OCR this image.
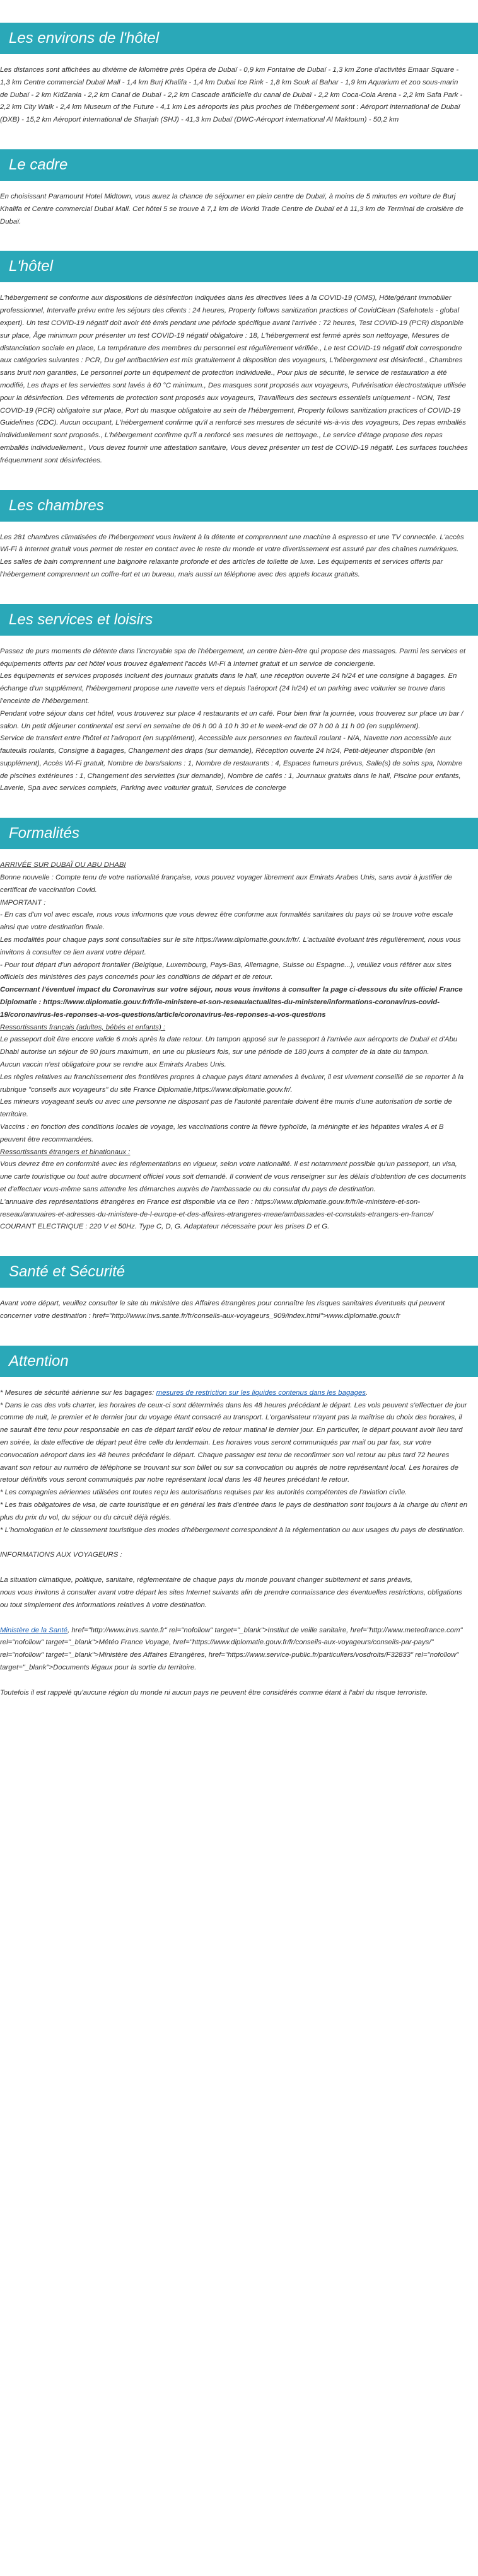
Les environs de l'hôtel

Les distances sont affichées au dixième de kilomètre près Opéra de Dubaï - 0,9 km Fontaine de Dubaï - 1,3 km Zone d'activités Emaar Square - 1,3 km Centre commercial Dubaï Mall - 1,4 km Burj Khalifa - 1,4 km Dubai Ice Rink - 1,8 km Souk al Bahar - 1,9 km Aquarium et zoo sous-marin de Dubaï - 2 km KidZania - 2,2 km Canal de Dubaï - 2,2 km Cascade artificielle du canal de Dubaï - 2,2 km Coca-Cola Arena - 2,2 km Safa Park - 2,2 km City Walk - 2,4 km Museum of the Future - 4,1 km Les aéroports les plus proches de l'hébergement sont : Aéroport international de Dubaï (DXB) - 15,2 km Aéroport international de Sharjah (SHJ) - 41,3 km Dubaï (DWC-Aéroport international Al Maktoum) - 50,2 km

Le cadre

En choisissant Paramount Hotel Midtown, vous aurez la chance de séjourner en plein centre de Dubaï, à moins de 5 minutes en voiture de Burj Khalifa et Centre commercial Dubaï Mall. Cet hôtel 5 se trouve à 7,1 km de World Trade Centre de Dubaï et à 11,3 km de Terminal de croisière de Dubaï.

L'hôtel

L'hébergement se conforme aux dispositions de désinfection indiquées dans les directives liées à la COVID-19 (OMS), Hôte/gérant immobilier professionnel, Intervalle prévu entre les séjours des clients : 24 heures, Property follows sanitization practices of CovidClean (Safehotels - global expert). Un test COVID-19 négatif doit avoir été émis pendant une période spécifique avant l'arrivée : 72 heures, Test COVID-19 (PCR) disponible sur place, Âge minimum pour présenter un test COVID-19 négatif obligatoire : 18, L'hébergement est fermé après son nettoyage, Mesures de distanciation sociale en place, La température des membres du personnel est régulièrement vérifiée., Le test COVID-19 négatif doit correspondre aux catégories suivantes : PCR, Du gel antibactérien est mis gratuitement à disposition des voyageurs, L'hébergement est désinfecté., Chambres sans bruit non garanties, Le personnel porte un équipement de protection individuelle., Pour plus de sécurité, le service de restauration a été modifié, Les draps et les serviettes sont lavés à 60 °C minimum., Des masques sont proposés aux voyageurs, Pulvérisation électrostatique utilisée pour la désinfection. Des vêtements de protection sont proposés aux voyageurs, Travailleurs des secteurs essentiels uniquement - NON, Test COVID-19 (PCR) obligatoire sur place, Port du masque obligatoire au sein de l'hébergement, Property follows sanitization practices of COVID-19 Guidelines (CDC). Aucun occupant, L'hébergement confirme qu'il a renforcé ses mesures de sécurité vis-à-vis des voyageurs, Des repas emballés individuellement sont proposés., L'hébergement confirme qu'il a renforcé ses mesures de nettoyage., Le service d'étage propose des repas emballés individuellement., Vous devez fournir une attestation sanitaire, Vous devez présenter un test de COVID-19 négatif. Les surfaces touchées fréquemment sont désinfectées.

Les chambres

Les 281 chambres climatisées de l'hébergement vous invitent à la détente et comprennent une machine à espresso et une TV connectée. L'accès Wi-Fi à Internet gratuit vous permet de rester en contact avec le reste du monde et votre divertissement est assuré par des chaînes numériques. Les salles de bain comprennent une baignoire relaxante profonde et des articles de toilette de luxe. Les équipements et services offerts par l'hébergement comprennent un coffre-fort et un bureau, mais aussi un téléphone avec des appels locaux gratuits.

Les services et loisirs

Passez de purs moments de détente dans l'incroyable spa de l'hébergement, un centre bien-être qui propose des massages. Parmi les services et équipements offerts par cet hôtel vous trouvez également l'accès Wi-Fi à Internet gratuit et un service de conciergerie.

Les équipements et services proposés incluent des journaux gratuits dans le hall, une réception ouverte 24 h/24 et une consigne à bagages. En échange d'un supplément, l'hébergement propose une navette vers et depuis l'aéroport (24 h/24) et un parking avec voiturier se trouve dans l'enceinte de l'hébergement.

Pendant votre séjour dans cet hôtel, vous trouverez sur place 4 restaurants et un café. Pour bien finir la journée, vous trouverez sur place un bar / salon. Un petit déjeuner continental est servi en semaine de 06 h 00 à 10 h 30 et le week-end de 07 h 00 à 11 h 00 (en supplément).

Service de transfert entre l'hôtel et l'aéroport (en supplément), Accessible aux personnes en fauteuil roulant - N/A, Navette non accessible aux fauteuils roulants, Consigne à bagages, Changement des draps (sur demande), Réception ouverte 24 h/24, Petit-déjeuner disponible (en supplément), Accès Wi-Fi gratuit, Nombre de bars/salons : 1, Nombre de restaurants : 4, Espaces fumeurs prévus, Salle(s) de soins spa, Nombre de piscines extérieures : 1, Changement des serviettes (sur demande), Nombre de cafés : 1, Journaux gratuits dans le hall, Piscine pour enfants, Laverie, Spa avec services complets, Parking avec voiturier gratuit, Services de concierge

Formalités

ARRIVÉE SUR DUBAÏ OU ABU DHABI

Bonne nouvelle : Compte tenu de votre nationalité française, vous pouvez voyager librement aux Emirats Arabes Unis, sans avoir à justifier de certificat de vaccination Covid.

IMPORTANT :

- En cas d'un vol avec escale, nous vous informons que vous devrez être conforme aux formalités sanitaires du pays où se trouve votre escale ainsi que votre destination finale.

Les modalités pour chaque pays sont consultables sur le site https://www.diplomatie.gouv.fr/fr/. L'actualité évoluant très régulièrement, nous vous invitons à consulter ce lien avant votre départ.

- Pour tout départ d'un aéroport frontalier (Belgique, Luxembourg, Pays-Bas, Allemagne, Suisse ou Espagne...), veuillez vous référer aux sites officiels des ministères des pays concernés pour les conditions de départ et de retour.

Concernant l'éventuel impact du Coronavirus sur votre séjour, nous vous invitons à consulter la page ci-dessous du site officiel France Diplomatie : https://www.diplomatie.gouv.fr/fr/le-ministere-et-son-reseau/actualites-du-ministere/informations-coronavirus-covid-19/coronavirus-les-reponses-a-vos-questions/article/coronavirus-les-reponses-a-vos-questions

Ressortissants français (adultes, bébés et enfants) :

Le passeport doit être encore valide 6 mois après la date retour. Un tampon apposé sur le passeport à l'arrivée aux aéroports de Dubaï et d'Abu Dhabi autorise un séjour de 90 jours maximum, en une ou plusieurs fois, sur une période de 180 jours à compter de la date du tampon.

Aucun vaccin n'est obligatoire pour se rendre aux Emirats Arabes Unis.

Les règles relatives au franchissement des frontières propres à chaque pays étant amenées à évoluer, il est vivement conseillé de se reporter à la rubrique "conseils aux voyageurs" du site France Diplomatie,https://www.diplomatie.gouv.fr/.

Les mineurs voyageant seuls ou avec une personne ne disposant pas de l'autorité parentale doivent être munis d'une autorisation de sortie de territoire.

Vaccins : en fonction des conditions locales de voyage, les vaccinations contre la fièvre typhoïde, la méningite et les hépatites virales A et B peuvent être recommandées.

Ressortissants étrangers et binationaux :

Vous devrez être en conformité avec les réglementations en vigueur, selon votre nationalité. Il est notamment possible qu'un passeport, un visa, une carte touristique ou tout autre document officiel vous soit demandé. Il convient de vous renseigner sur les délais d'obtention de ces documents et d'effectuer vous-même sans attendre les démarches auprès de l'ambassade ou du consulat du pays de destination.

L'annuaire des représentations étrangères en France est disponible via ce lien : https://www.diplomatie.gouv.fr/fr/le-ministere-et-son-reseau/annuaires-et-adresses-du-ministere-de-l-europe-et-des-affaires-etrangeres-meae/ambassades-et-consulats-etrangers-en-france/

COURANT ELECTRIQUE : 220 V et 50Hz. Type C, D, G. Adaptateur nécessaire pour les prises D et G.

Santé et Sécurité

Avant votre départ, veuillez consulter le site du ministère des Affaires étrangères pour connaître les risques sanitaires éventuels qui peuvent concerner votre destination : href="http://www.invs.sante.fr/fr/conseils-aux-voyageurs_909/index.html">www.diplomatie.gouv.fr

Attention

* Mesures de sécurité aérienne sur les bagages: mesures de restriction sur les liquides contenus dans les bagages.

* Dans le cas des vols charter, les horaires de ceux-ci sont déterminés dans les 48 heures précédant le départ. Les vols peuvent s'effectuer de jour comme de nuit, le premier et le dernier jour du voyage étant consacré au transport. L'organisateur n'ayant pas la maîtrise du choix des horaires, il ne saurait être tenu pour responsable en cas de départ tardif et/ou de retour matinal le dernier jour. En particulier, le départ pouvant avoir lieu tard en soirée, la date effective de départ peut être celle du lendemain. Les horaires vous seront communiqués par mail ou par fax, sur votre convocation aéroport dans les 48 heures précédant le départ. Chaque passager est tenu de reconfirmer son vol retour au plus tard 72 heures avant son retour au numéro de téléphone se trouvant sur son billet ou sur sa convocation ou auprès de notre représentant local. Les horaires de retour définitifs vous seront communiqués par notre représentant local dans les 48 heures précédant le retour.

* Les compagnies aériennes utilisées ont toutes reçu les autorisations requises par les autorités compétentes de l'aviation civile.

* Les frais obligatoires de visa, de carte touristique et en général les frais d'entrée dans le pays de destination sont toujours à la charge du client en plus du prix du vol, du séjour ou du circuit déjà réglés.

* L'homologation et le classement touristique des modes d'hébergement correspondent à la réglementation ou aux usages du pays de destination.

INFORMATIONS AUX VOYAGEURS :

La situation climatique, politique, sanitaire, réglementaire de chaque pays du monde pouvant changer subitement et sans préavis,
nous vous invitons à consulter avant votre départ les sites Internet suivants afin de prendre connaissance des éventuelles restrictions, obligations ou tout simplement des informations relatives à votre destination.

Ministère de la Santé, href="http://www.invs.sante.fr" rel="nofollow" target="_blank">Institut de veille sanitaire, href="http://www.meteofrance.com" rel="nofollow" target="_blank">Météo France Voyage, href="https://www.diplomatie.gouv.fr/fr/conseils-aux-voyageurs/conseils-par-pays/" rel="nofollow" target="_blank">Ministère des Affaires Etrangères, href="https://www.service-public.fr/particuliers/vosdroits/F32833" rel="nofollow" target="_blank">Documents légaux pour la sortie du territoire.

Toutefois il est rappelé qu'aucune région du monde ni aucun pays ne peuvent être considérés comme étant à l'abri du risque terroriste.
